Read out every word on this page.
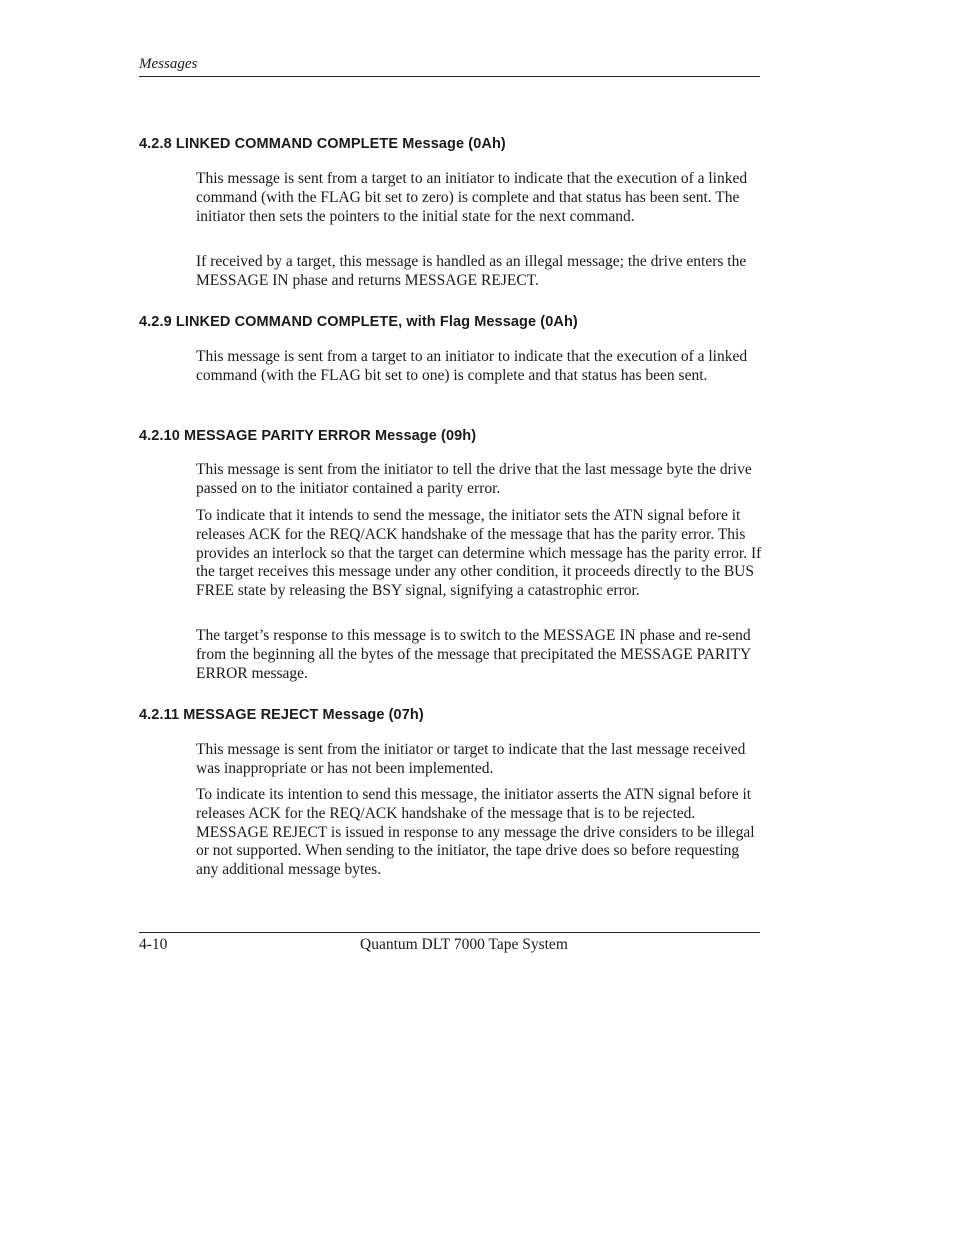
Messages
4.2.8 LINKED COMMAND COMPLETE Message (0Ah)

This message is sent from a target to an initiator to indicate that the execution of a linked command (with the FLAG bit set to zero) is complete and that status has been sent. The initiator then sets the pointers to the initial state for the next command.

If received by a target, this message is handled as an illegal message; the drive enters the MESSAGE IN phase and returns MESSAGE REJECT.

4.2.9 LINKED COMMAND COMPLETE, with Flag Message (0Ah)

This message is sent from a target to an initiator to indicate that the execution of a linked command (with the FLAG bit set to one) is complete and that status has been sent.

4.2.10 MESSAGE PARITY ERROR Message (09h)

This message is sent from the initiator to tell the drive that the last message byte the drive passed on to the initiator contained a parity error.

To indicate that it intends to send the message, the initiator sets the ATN signal before it releases ACK for the REQ/ACK handshake of the message that has the parity error. This provides an interlock so that the target can determine which message has the parity error. If the target receives this message under any other condition, it proceeds directly to the BUS FREE state by releasing the BSY signal, signifying a catastrophic error.

The target’s response to this message is to switch to the MESSAGE IN phase and re-send from the beginning all the bytes of the message that precipitated the MESSAGE PARITY ERROR message.

4.2.11 MESSAGE REJECT Message (07h)

This message is sent from the initiator or target to indicate that the last message received was inappropriate or has not been implemented.

To indicate its intention to send this message, the initiator asserts the ATN signal before it releases ACK for the REQ/ACK handshake of the message that is to be rejected. MESSAGE REJECT is issued in response to any message the drive considers to be illegal or not supported. When sending to the initiator, the tape drive does so before requesting any additional message bytes.

4-10	Quantum DLT 7000 Tape System
